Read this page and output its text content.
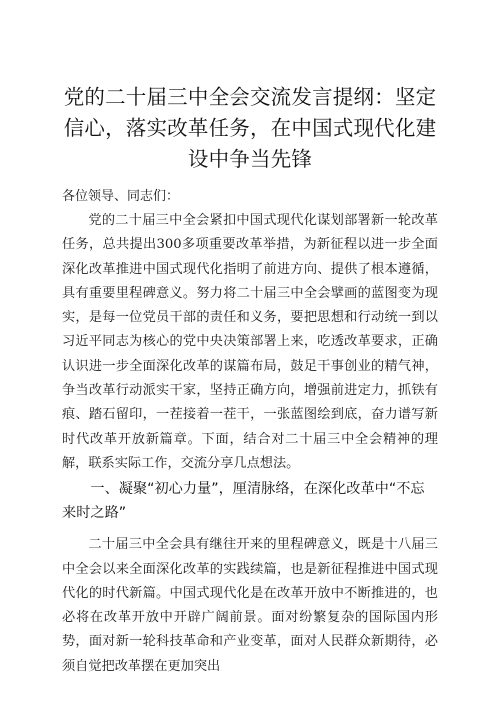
党的二十届三中全会交流发言提纲：坚定信心，落实改革任务，在中国式现代化建设中争当先锋

各位领导、同志们：

党的二十届三中全会紧扣中国式现代化谋划部署新一轮改革任务，总共提出300多项重要改革举措，为新征程以进一步全面深化改革推进中国式现代化指明了前进方向、提供了根本遵循，具有重要里程碑意义。努力将二十届三中全会擘画的蓝图变为现实，是每一位党员干部的责任和义务，要把思想和行动统一到以习近平同志为核心的党中央决策部署上来，吃透改革要求，正确认识进一步全面深化改革的谋篇布局，鼓足干事创业的精气神，争当改革行动派实干家，坚持正确方向，增强前进定力，抓铁有痕、踏石留印，一茬接着一茬干，一张蓝图绘到底，奋力谱写新时代改革开放新篇章。下面，结合对二十届三中全会精神的理解，联系实际工作，交流分享几点想法。

一、凝聚“初心力量”，厘清脉络，在深化改革中“不忘来时之路”

二十届三中全会具有继往开来的里程碑意义，既是十八届三中全会以来全面深化改革的实践续篇，也是新征程推进中国式现代化的时代新篇。中国式现代化是在改革开放中不断推进的，也必将在改革开放中开辟广阔前景。面对纷繁复杂的国际国内形势，面对新一轮科技革命和产业变革，面对人民群众新期待，必须自觉把改革摆在更加突出
